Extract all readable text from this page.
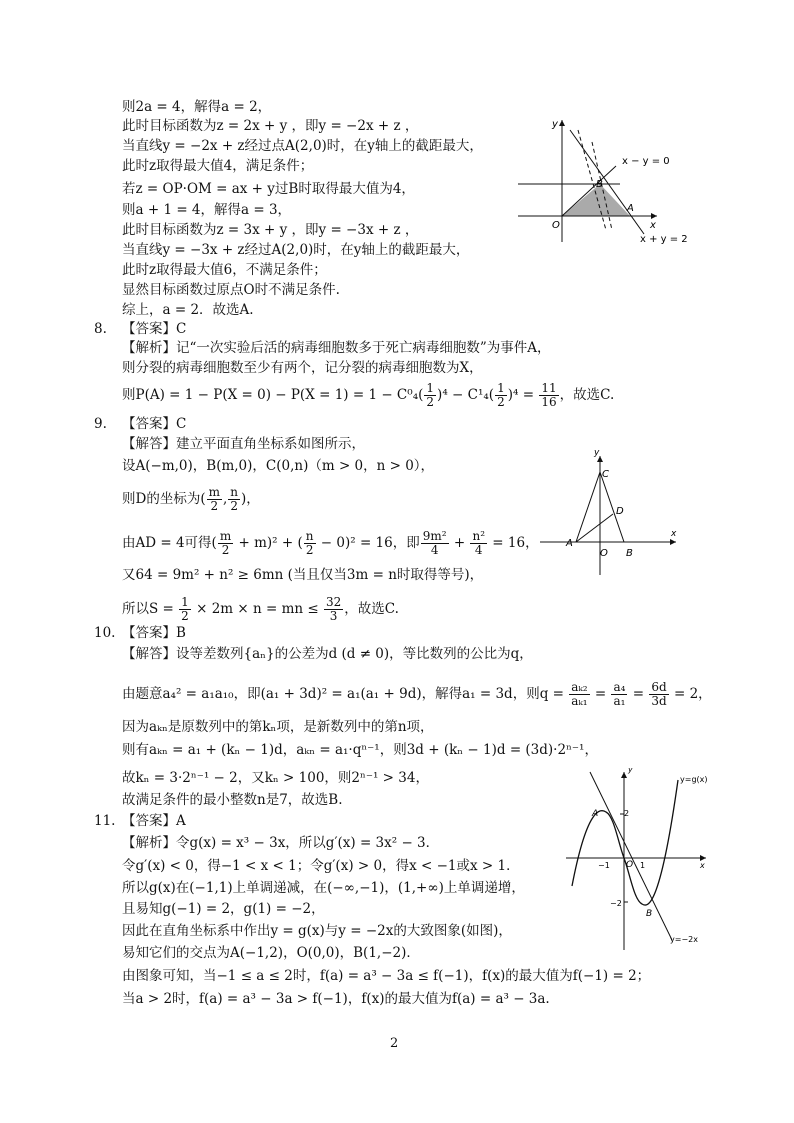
则2a = 4，解得a = 2，
此时目标函数为z = 2x + y ，即y = −2x + z ，
当直线y = −2x + z经过点A(2,0)时，在y轴上的截距最大，
此时z取得最大值4，满足条件；
若z = OP·OM = ax + y过B时取得最大值为4，
则a + 1 = 4，解得a = 3，
此时目标函数为z = 3x + y ，即y = −3x + z ，
当直线y = −3x + z经过A(2,0)时，在y轴上的截距最大，
此时z取得最大值6，不满足条件；
显然目标函数过原点O时不满足条件.
综上，a = 2．故选A.
y
x
O
A
B
x − y = 0
x + y = 2
8. 【答案】C
【解析】记“一次实验后活的病毒细胞数多于死亡病毒细胞数”为事件A，
则分裂的病毒细胞数至少有两个，记分裂的病毒细胞数为X，
则$P(A) = 1 - P(X = 0) - P(X = 1) = 1 - C^0_4( \frac{1}{2} )^4 - C^1_4( \frac{1}{2} )^4 = \frac{11}{16}$ ，故选C.
9. 【答案】C
【解答】建立平面直角坐标系如图所示，
设A(−m,0)，B(m,0)，C(0,n)（m > 0，n > 0），
则D的坐标为( $\frac{m}{2}$ , $\frac{n}{2}$ )，
由AD = 4可得( $\frac{m}{2} + m)^2$ + ( $\frac{n}{2} - 0)^2 = 16$，即 $\frac{\text{9m²}}{4} + \frac{\text{n²}}{4} = 16$，
又64 = 9m² + n² ≥ 6mn (当且仅当3m = n时取得等号)，
所以$S = \frac{1}{2} \times 2m \times n$ = mn ≤ $\frac{32}{3}$ ，故选C.
y
x
C
D
A
O B
10. 【答案】B
【解答】设等差数列{aₙ}的公差为d (d ≠ 0)，等比数列的公比为q，
由题意a₄² = a₁a₁₀，即(a₁ + 3d)² = a₁(a₁ + 9d)，解得a₁ = 3d，则$q = \frac{\text{aₖ₂}}{\text{aₖ₁}} = \frac{\text{a₄}}{\text{a₁}} = \frac{6d}{3d} = 2$，
因为aₖₙ是原数列中的第kₙ项，是新数列中的第n项，
则有aₖₙ = a₁ + (kₙ − 1)d，aₖₙ = a₁·qⁿ⁻¹，则3d + (kₙ − 1)d = (3d)·2ⁿ⁻¹，
故kₙ = 3·2ⁿ⁻¹ − 2，又kₙ > 100，则2ⁿ⁻¹ > 34，
故满足条件的最小整数n是7，故选B.
11. 【答案】A
【解析】令g(x) = x³ − 3x，所以g′(x) = 3x² − 3．
令g′(x) < 0，得−1 < x < 1；令g′(x) > 0，得x < −1或x > 1．
所以g(x)在(−1,1)上单调递减，在(−∞,−1)，(1,+∞)上单调递增，
且易知g(−1) = 2，g(1) = −2，
因此在直角坐标系中作出y = g(x)与y = −2x的大致图象(如图)，
易知它们的交点为A(−1,2)，O(0,0)，B(1,−2)．
由图象可知，当−1 ≤ a ≤ 2时，f(a) = a³ − 3a ≤ f(−1)，f(x)的最大值为f(−1) = 2；
当a > 2时，f(a) = a³ − 3a > f(−1)，f(x)的最大值为f(a) = a³ − 3a.
y
x
y=g(x)
y=−2x
A
B
O
2
−2
−1	1
2
